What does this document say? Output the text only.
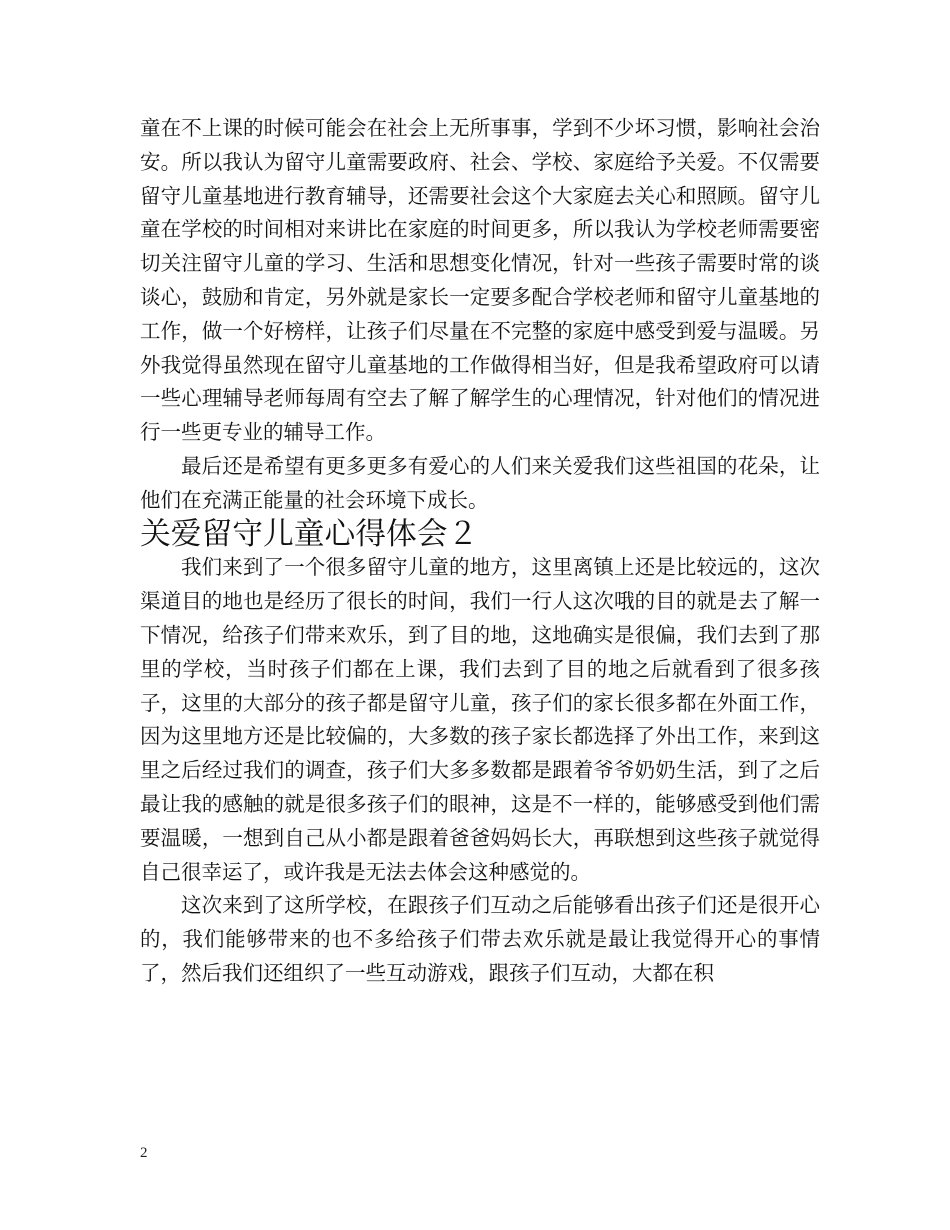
童在不上课的时候可能会在社会上无所事事，学到不少坏习惯，影响社会治安。所以我认为留守儿童需要政府、社会、学校、家庭给予关爱。不仅需要留守儿童基地进行教育辅导，还需要社会这个大家庭去关心和照顾。留守儿童在学校的时间相对来讲比在家庭的时间更多，所以我认为学校老师需要密切关注留守儿童的学习、生活和思想变化情况，针对一些孩子需要时常的谈谈心，鼓励和肯定，另外就是家长一定要多配合学校老师和留守儿童基地的工作，做一个好榜样，让孩子们尽量在不完整的家庭中感受到爱与温暖。另外我觉得虽然现在留守儿童基地的工作做得相当好，但是我希望政府可以请一些心理辅导老师每周有空去了解了解学生的心理情况，针对他们的情况进行一些更专业的辅导工作。

最后还是希望有更多更多有爱心的人们来关爱我们这些祖国的花朵，让他们在充满正能量的社会环境下成长。

关爱留守儿童心得体会２

我们来到了一个很多留守儿童的地方，这里离镇上还是比较远的，这次渠道目的地也是经历了很长的时间，我们一行人这次哦的目的就是去了解一下情况，给孩子们带来欢乐，到了目的地，这地确实是很偏，我们去到了那里的学校，当时孩子们都在上课，我们去到了目的地之后就看到了很多孩子，这里的大部分的孩子都是留守儿童，孩子们的家长很多都在外面工作，因为这里地方还是比较偏的，大多数的孩子家长都选择了外出工作，来到这里之后经过我们的调查，孩子们大多多数都是跟着爷爷奶奶生活，到了之后最让我的感触的就是很多孩子们的眼神，这是不一样的，能够感受到他们需要温暖，一想到自己从小都是跟着爸爸妈妈长大，再联想到这些孩子就觉得自己很幸运了，或许我是无法去体会这种感觉的。

这次来到了这所学校，在跟孩子们互动之后能够看出孩子们还是很开心的，我们能够带来的也不多给孩子们带去欢乐就是最让我觉得开心的事情了，然后我们还组织了一些互动游戏，跟孩子们互动，大都在积

2
